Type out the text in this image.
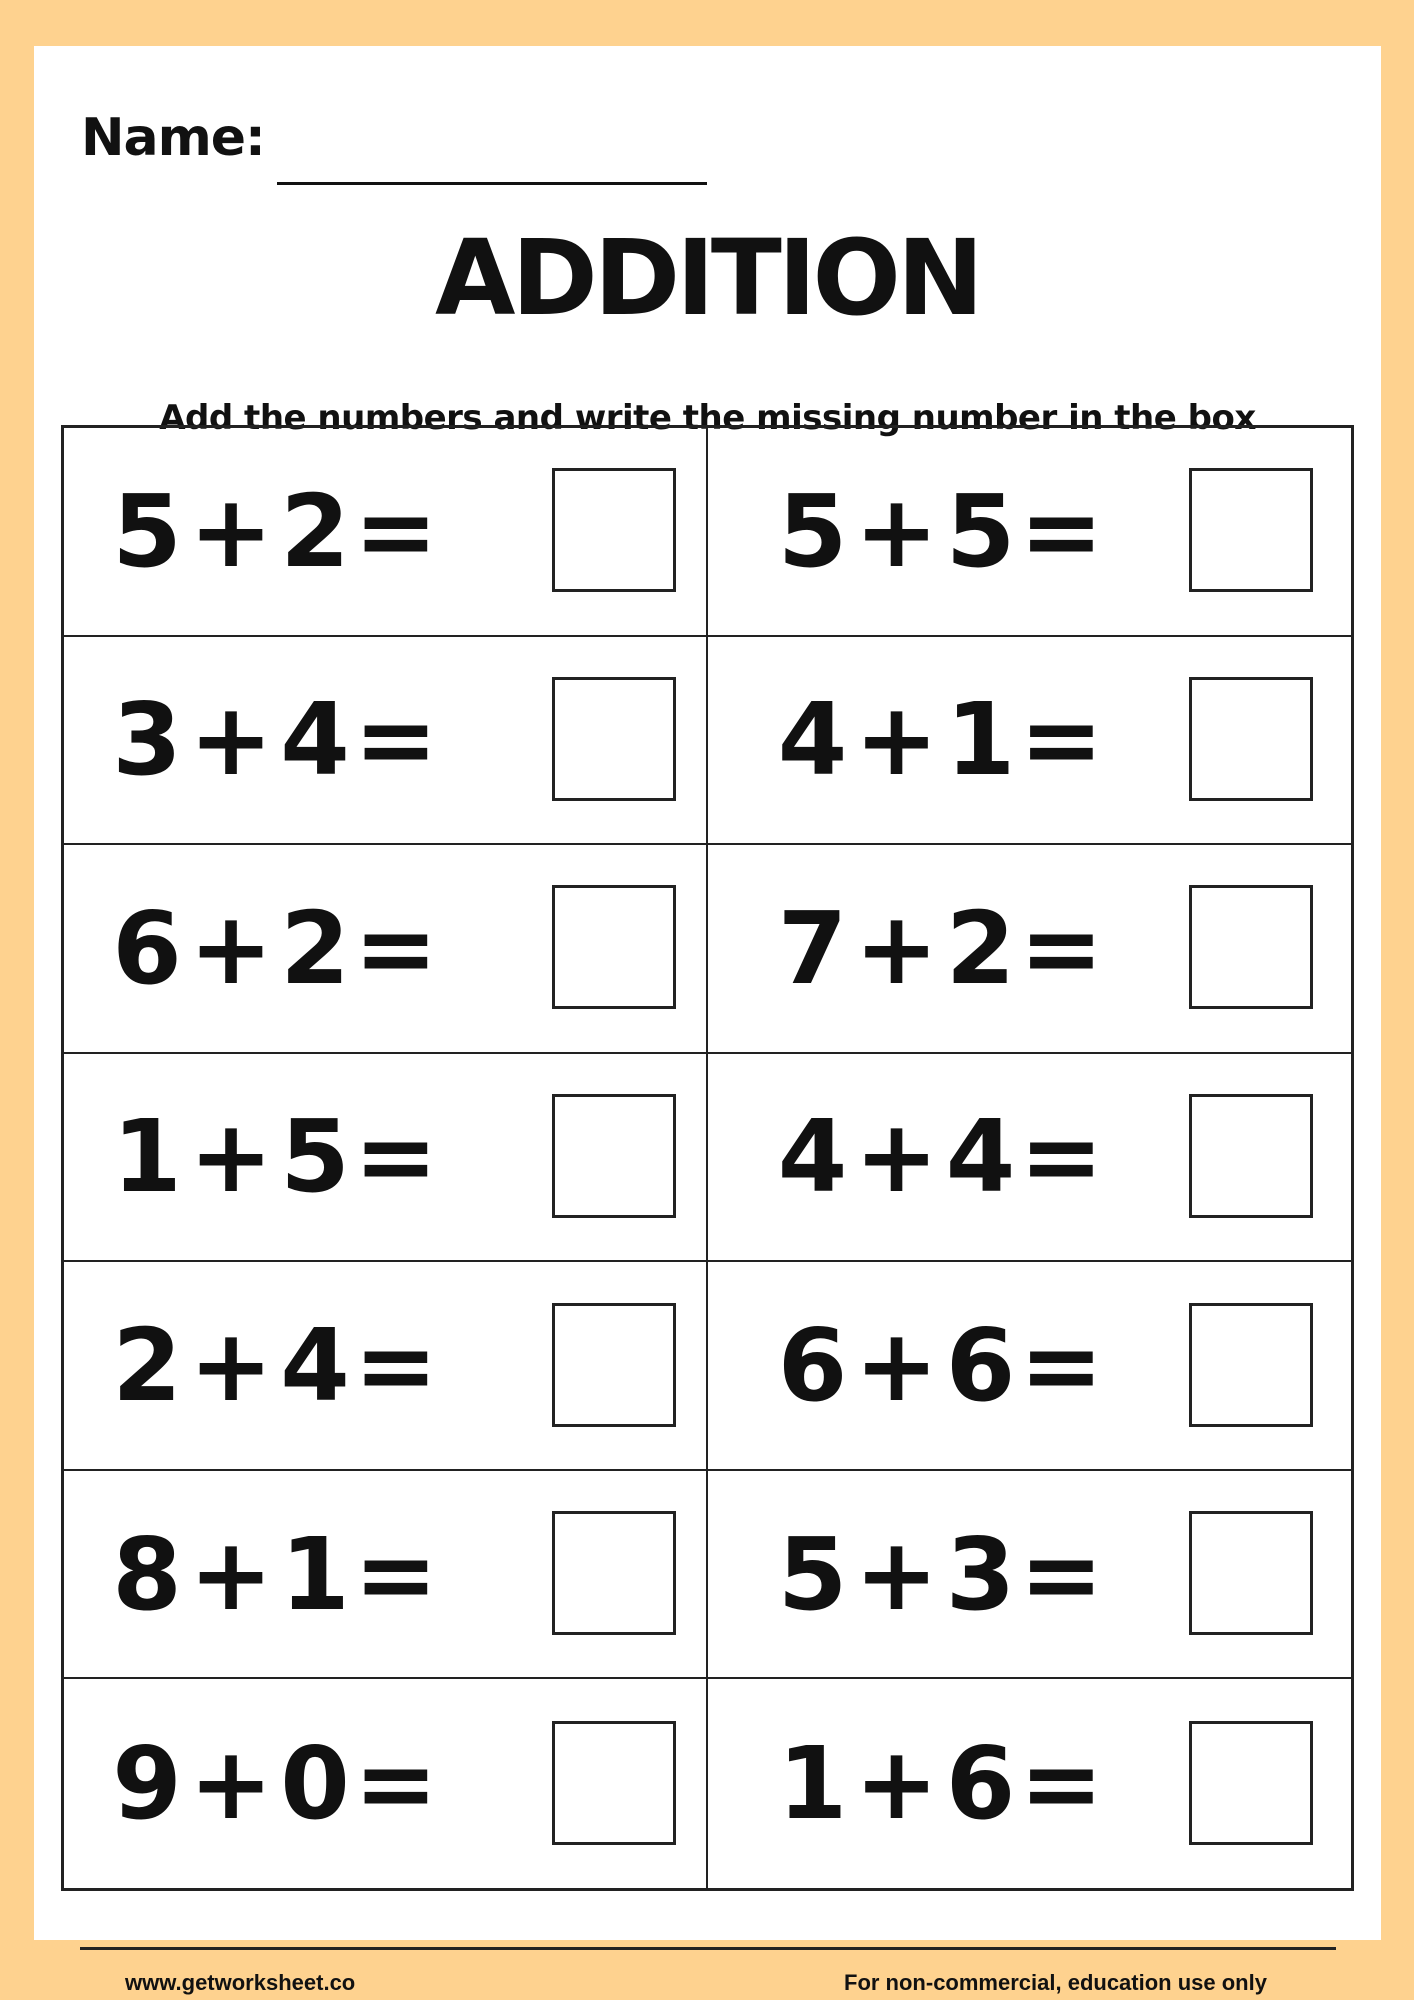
Name:
ADDITION
Add the numbers and write the missing number in the box
5 + 2 =	5 + 5 =
3 + 4 =	4 + 1 =
6 + 2 =	7 + 2 =
1 + 5 =	4 + 4 =
2 + 4 =	6 + 6 =
8 + 1 =	5 + 3 =
9 + 0 =	1 + 6 =
www.getworksheet.co	For non-commercial, education use only
